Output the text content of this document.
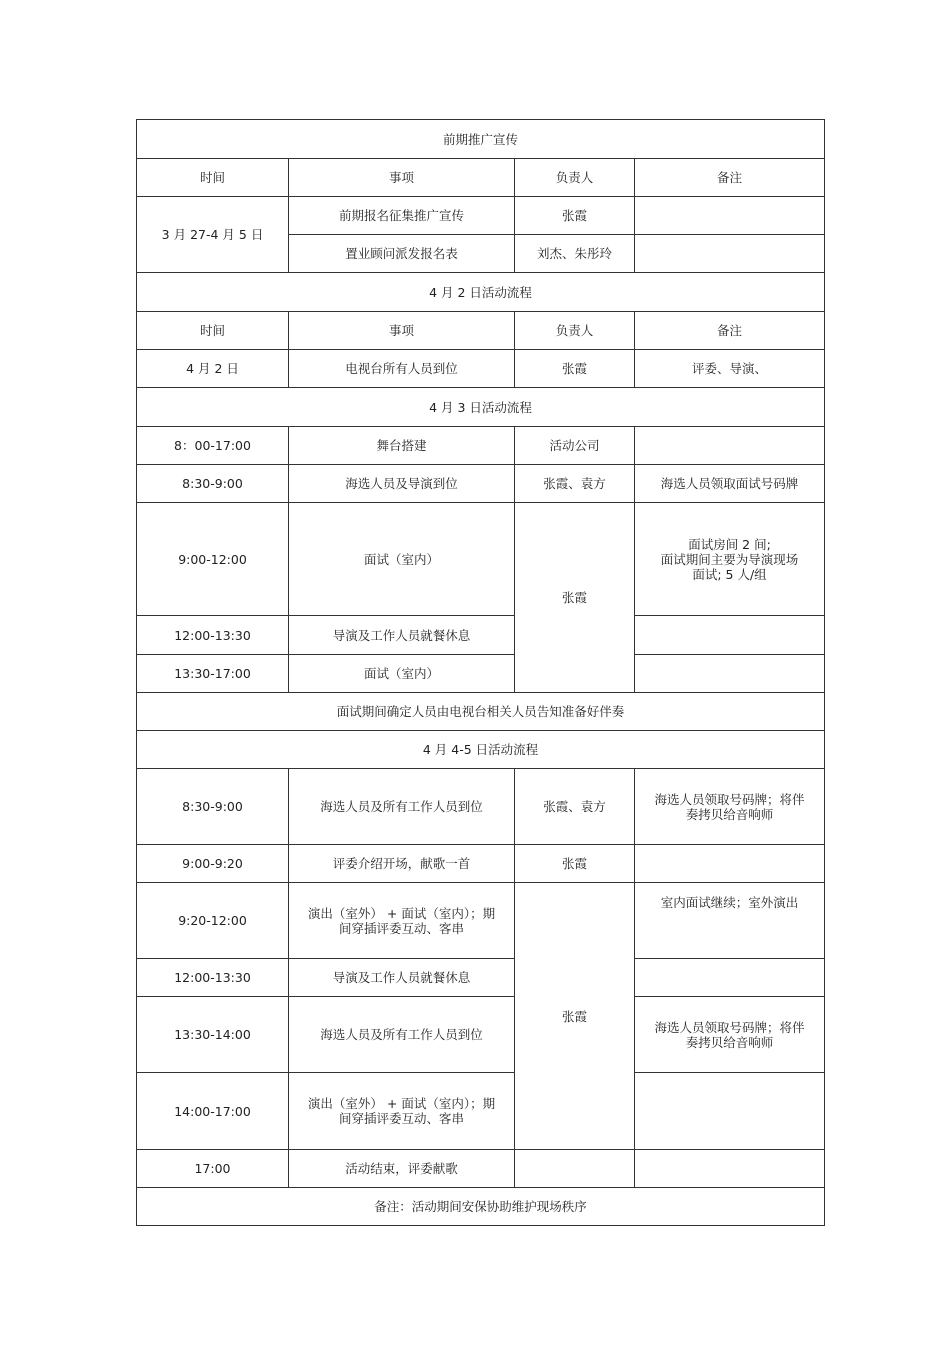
前期推广宣传			
时间	事项	负责人	备注
3 月 27-4 月 5 日	前期报名征集推广宣传	张霞	
	置业顾问派发报名表	刘杰、朱彤玲	
4 月 2 日活动流程			
时间	事项	负责人	备注
4 月 2 日	电视台所有人员到位	张霞	评委、导演、
4 月 3 日活动流程			
8：00-17:00	舞台搭建	活动公司	
8:30-9:00	海选人员及导演到位	张霞、袁方	海选人员领取面试号码牌
9:00-12:00	面试（室内）	张霞	面试房间 2 间;
面试期间主要为导演现场
面试; 5 人/组
12:00-13:30	导演及工作人员就餐休息		
13:30-17:00	面试（室内）		
面试期间确定人员由电视台相关人员告知准备好伴奏			
4 月 4-5 日活动流程			
8:30-9:00	海选人员及所有工作人员到位	张霞、袁方	海选人员领取号码牌；将伴
奏拷贝给音响师
9:00-9:20	评委介绍开场，献歌一首	张霞	
9:20-12:00	演出（室外） + 面试（室内）；期
间穿插评委互动、客串	张霞	室内面试继续；室外演出
12:00-13:30	导演及工作人员就餐休息		
13:30-14:00	海选人员及所有工作人员到位		海选人员领取号码牌；将伴
奏拷贝给音响师
14:00-17:00	演出（室外） + 面试（室内）；期
间穿插评委互动、客串		
17:00	活动结束，评委献歌		
备注：活动期间安保协助维护现场秩序			
